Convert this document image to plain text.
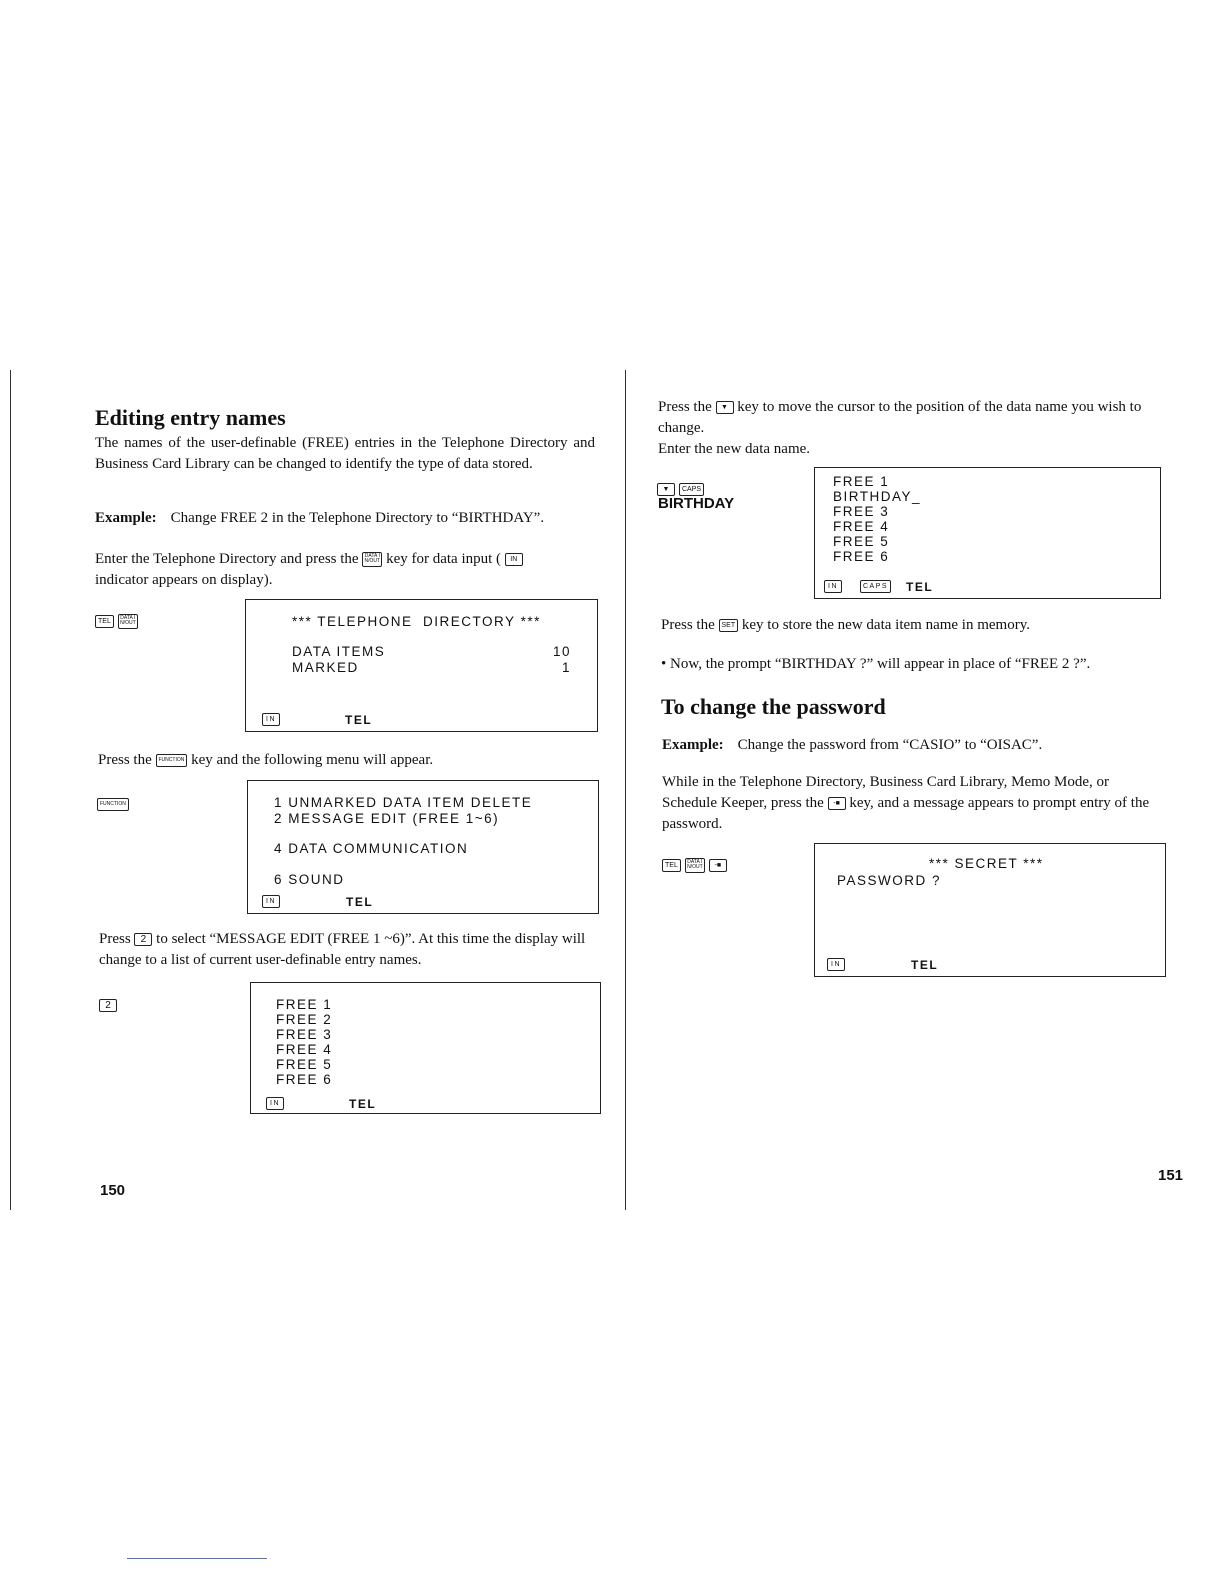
Editing entry names

The names of the user-definable (FREE) entries in the Telephone Directory and Business Card Library can be changed to identify the type of data stored.

Example: Change FREE 2 in the Telephone Directory to “BIRTHDAY”.

Enter the Telephone Directory and press the DATA IN/OUT key for data input ( IN
indicator appears on display).

TEL DATA IN/OUT	*** TELEPHONE  DIRECTORY ***
DATA ITEMS	10
MARKED	1
IN	TEL

Press the FUNCTION key and the following menu will appear.

FUNCTION	1 UNMARKED DATA ITEM DELETE
2 MESSAGE EDIT (FREE 1~6)
4 DATA COMMUNICATION
6 SOUND
IN	TEL

Press 2 to select “MESSAGE EDIT (FREE 1 ~6)”. At this time the display will change to a list of current user-definable entry names.

2	FREE 1
FREE 2
FREE 3
FREE 4
FREE 5
FREE 6
IN	TEL
150

Press the ▼ key to move the cursor to the position of the data name you wish to change.
Enter the new data name.

▼ CAPS
BIRTHDAY
FREE 1
BIRTHDAY_
FREE 3
FREE 4
FREE 5
FREE 6
IN	CAPS TEL

Press the SET key to store the new data item name in memory.

• Now, the prompt “BIRTHDAY ?” will appear in place of “FREE 2 ?”.

To change the password

Example: Change the password from “CASIO” to “OISAC”.

While in the Telephone Directory, Business Card Library, Memo Mode, or Schedule Keeper, press the -■ key, and a message appears to prompt entry of the password.

TEL DATA IN/OUT -■	*** SECRET ***
PASSWORD ?
IN	TEL
151
